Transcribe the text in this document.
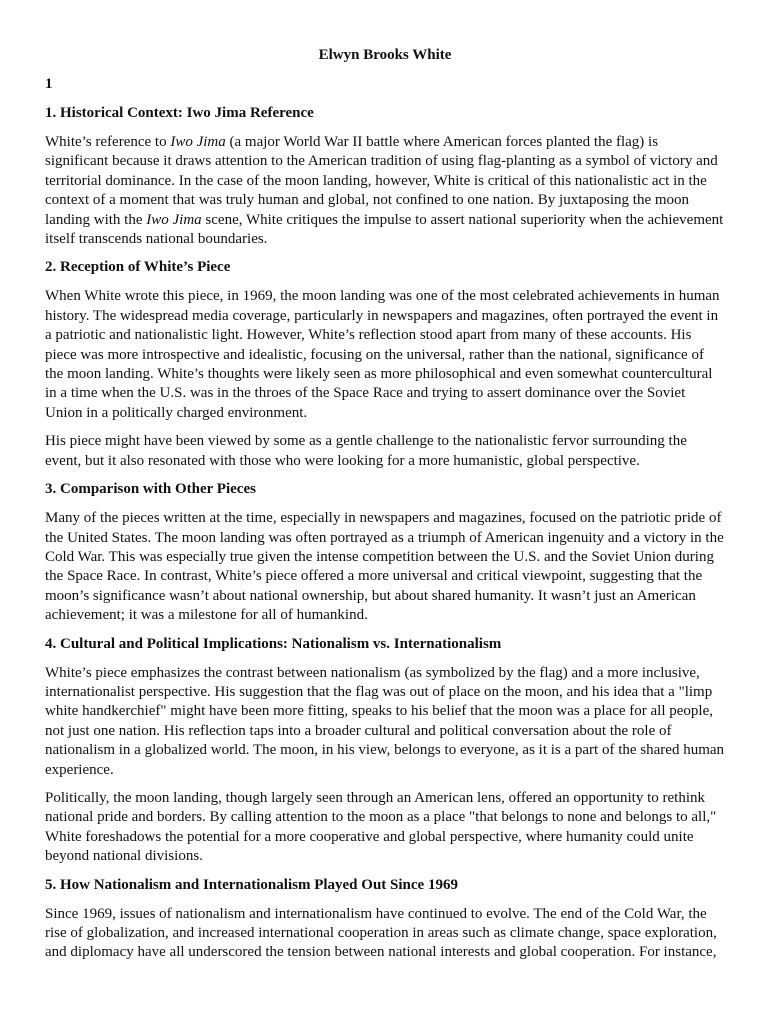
Elwyn Brooks White
1
1. Historical Context: Iwo Jima Reference

White’s reference to Iwo Jima (a major World War II battle where American forces planted the flag) is significant because it draws attention to the American tradition of using flag-planting as a symbol of victory and territorial dominance. In the case of the moon landing, however, White is critical of this nationalistic act in the context of a moment that was truly human and global, not confined to one nation. By juxtaposing the moon landing with the Iwo Jima scene, White critiques the impulse to assert national superiority when the achievement itself transcends national boundaries.

2. Reception of White’s Piece

When White wrote this piece, in 1969, the moon landing was one of the most celebrated achievements in human history. The widespread media coverage, particularly in newspapers and magazines, often portrayed the event in a patriotic and nationalistic light. However, White’s reflection stood apart from many of these accounts. His piece was more introspective and idealistic, focusing on the universal, rather than the national, significance of the moon landing. White’s thoughts were likely seen as more philosophical and even somewhat countercultural in a time when the U.S. was in the throes of the Space Race and trying to assert dominance over the Soviet Union in a politically charged environment.

His piece might have been viewed by some as a gentle challenge to the nationalistic fervor surrounding the event, but it also resonated with those who were looking for a more humanistic, global perspective.

3. Comparison with Other Pieces

Many of the pieces written at the time, especially in newspapers and magazines, focused on the patriotic pride of the United States. The moon landing was often portrayed as a triumph of American ingenuity and a victory in the Cold War. This was especially true given the intense competition between the U.S. and the Soviet Union during the Space Race. In contrast, White’s piece offered a more universal and critical viewpoint, suggesting that the moon’s significance wasn’t about national ownership, but about shared humanity. It wasn’t just an American achievement; it was a milestone for all of humankind.

4. Cultural and Political Implications: Nationalism vs. Internationalism

White’s piece emphasizes the contrast between nationalism (as symbolized by the flag) and a more inclusive, internationalist perspective. His suggestion that the flag was out of place on the moon, and his idea that a "limp white handkerchief" might have been more fitting, speaks to his belief that the moon was a place for all people, not just one nation. His reflection taps into a broader cultural and political conversation about the role of nationalism in a globalized world. The moon, in his view, belongs to everyone, as it is a part of the shared human experience.

Politically, the moon landing, though largely seen through an American lens, offered an opportunity to rethink national pride and borders. By calling attention to the moon as a place "that belongs to none and belongs to all," White foreshadows the potential for a more cooperative and global perspective, where humanity could unite beyond national divisions.

5. How Nationalism and Internationalism Played Out Since 1969

Since 1969, issues of nationalism and internationalism have continued to evolve. The end of the Cold War, the rise of globalization, and increased international cooperation in areas such as climate change, space exploration, and diplomacy have all underscored the tension between national interests and global cooperation. For instance,
